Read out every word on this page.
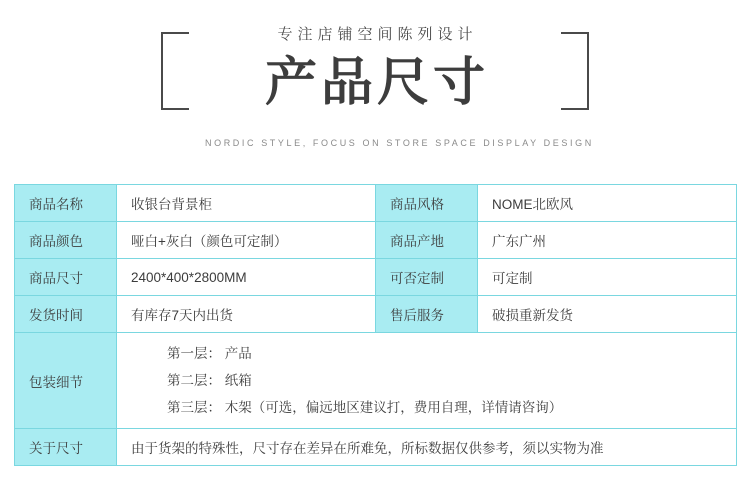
专注店铺空间陈列设计
产品尺寸
NORDIC STYLE, FOCUS ON STORE SPACE DISPLAY DESIGN
商品名称	收银台背景柜	商品风格	NOME北欧风
商品颜色	哑白+灰白（颜色可定制）	商品产地	广东广州
商品尺寸	2400*400*2800MM	可否定制	可定制
发货时间	有库存7天内出货	售后服务	破损重新发货
包装细节	第一层： 产品
第二层： 纸箱
第三层： 木架（可选，偏远地区建议打，费用自理，详情请咨询）		

关于尺寸	由于货架的特殊性，尺寸存在差异在所难免，所标数据仅供参考，须以实物为准		
